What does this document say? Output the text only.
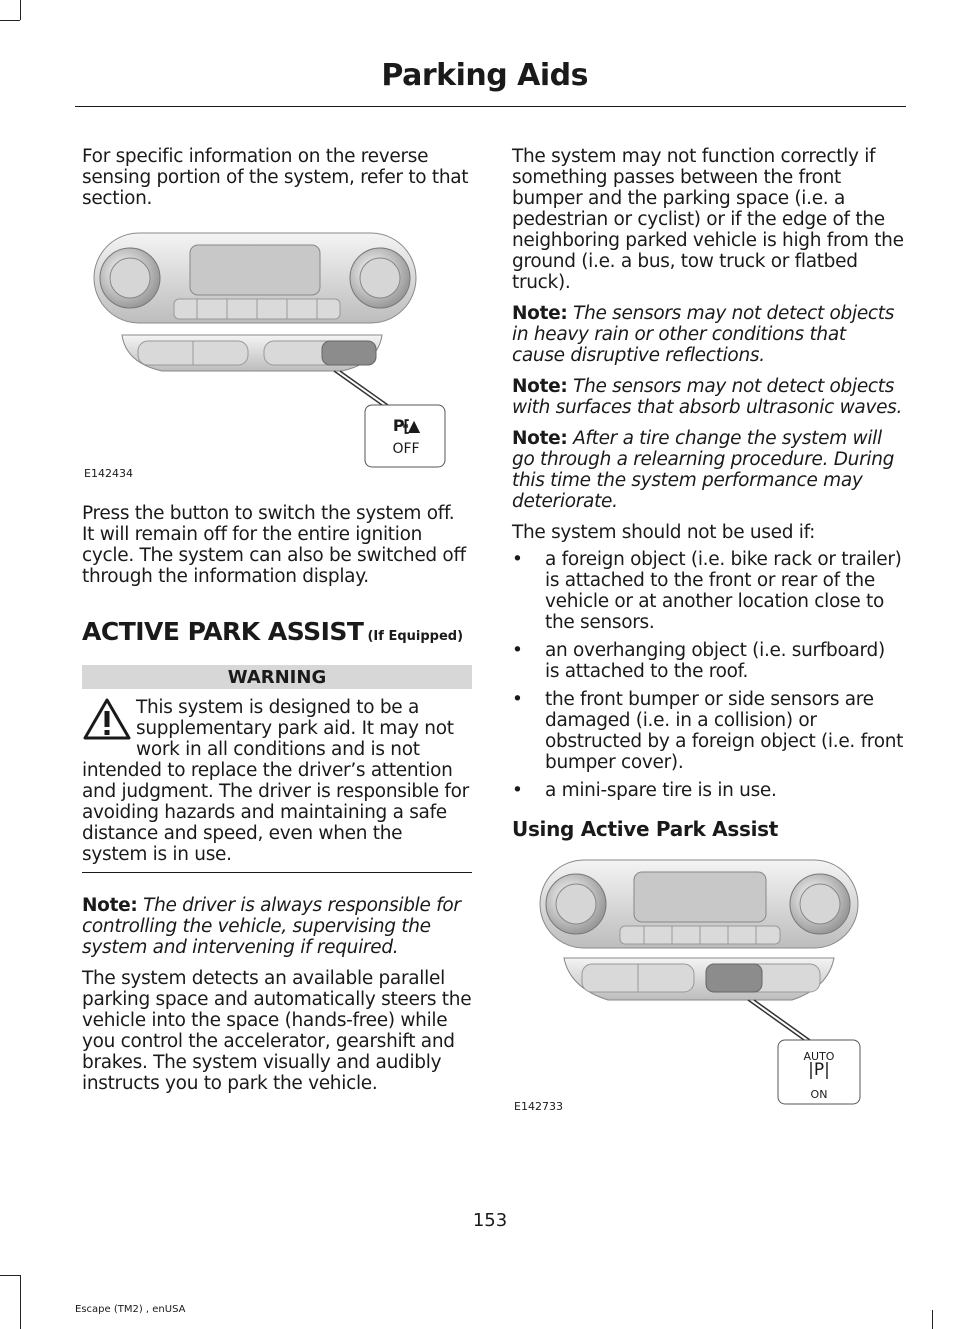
Parking Aids

For specific information on the reverse sensing portion of the system, refer to that section.

P⹗▲
OFF
E142434

Press the button to switch the system off. It will remain off for the entire ignition cycle. The system can also be switched off through the information display.

ACTIVE PARK ASSIST (If Equipped)
WARNING
This system is designed to be a supplementary park aid. It may not work in all conditions and is not intended to replace the driver’s attention and judgment. The driver is responsible for avoiding hazards and maintaining a safe distance and speed, even when the system is in use.

Note: The driver is always responsible for controlling the vehicle, supervising the system and intervening if required.

The system detects an available parallel parking space and automatically steers the vehicle into the space (hands-free) while you control the accelerator, gearshift and brakes. The system visually and audibly instructs you to park the vehicle.

The system may not function correctly if something passes between the front bumper and the parking space (i.e. a pedestrian or cyclist) or if the edge of the neighboring parked vehicle is high from the ground (i.e. a bus, tow truck or flatbed truck).

Note: The sensors may not detect objects in heavy rain or other conditions that cause disruptive reflections.

Note: The sensors may not detect objects with surfaces that absorb ultrasonic waves.

Note: After a tire change the system will go through a relearning procedure. During this time the system performance may deteriorate.

The system should not be used if:

• a foreign object (i.e. bike rack or trailer) is attached to the front or rear of the vehicle or at another location close to the sensors.
• an overhanging object (i.e. surfboard) is attached to the roof.
• the front bumper or side sensors are damaged (i.e. in a collision) or obstructed by a foreign object (i.e. front bumper cover).
• a mini-spare tire is in use.
Using Active Park Assist
AUTO
|P|
ON
E142733
153
Escape (TM2) , enUSA
